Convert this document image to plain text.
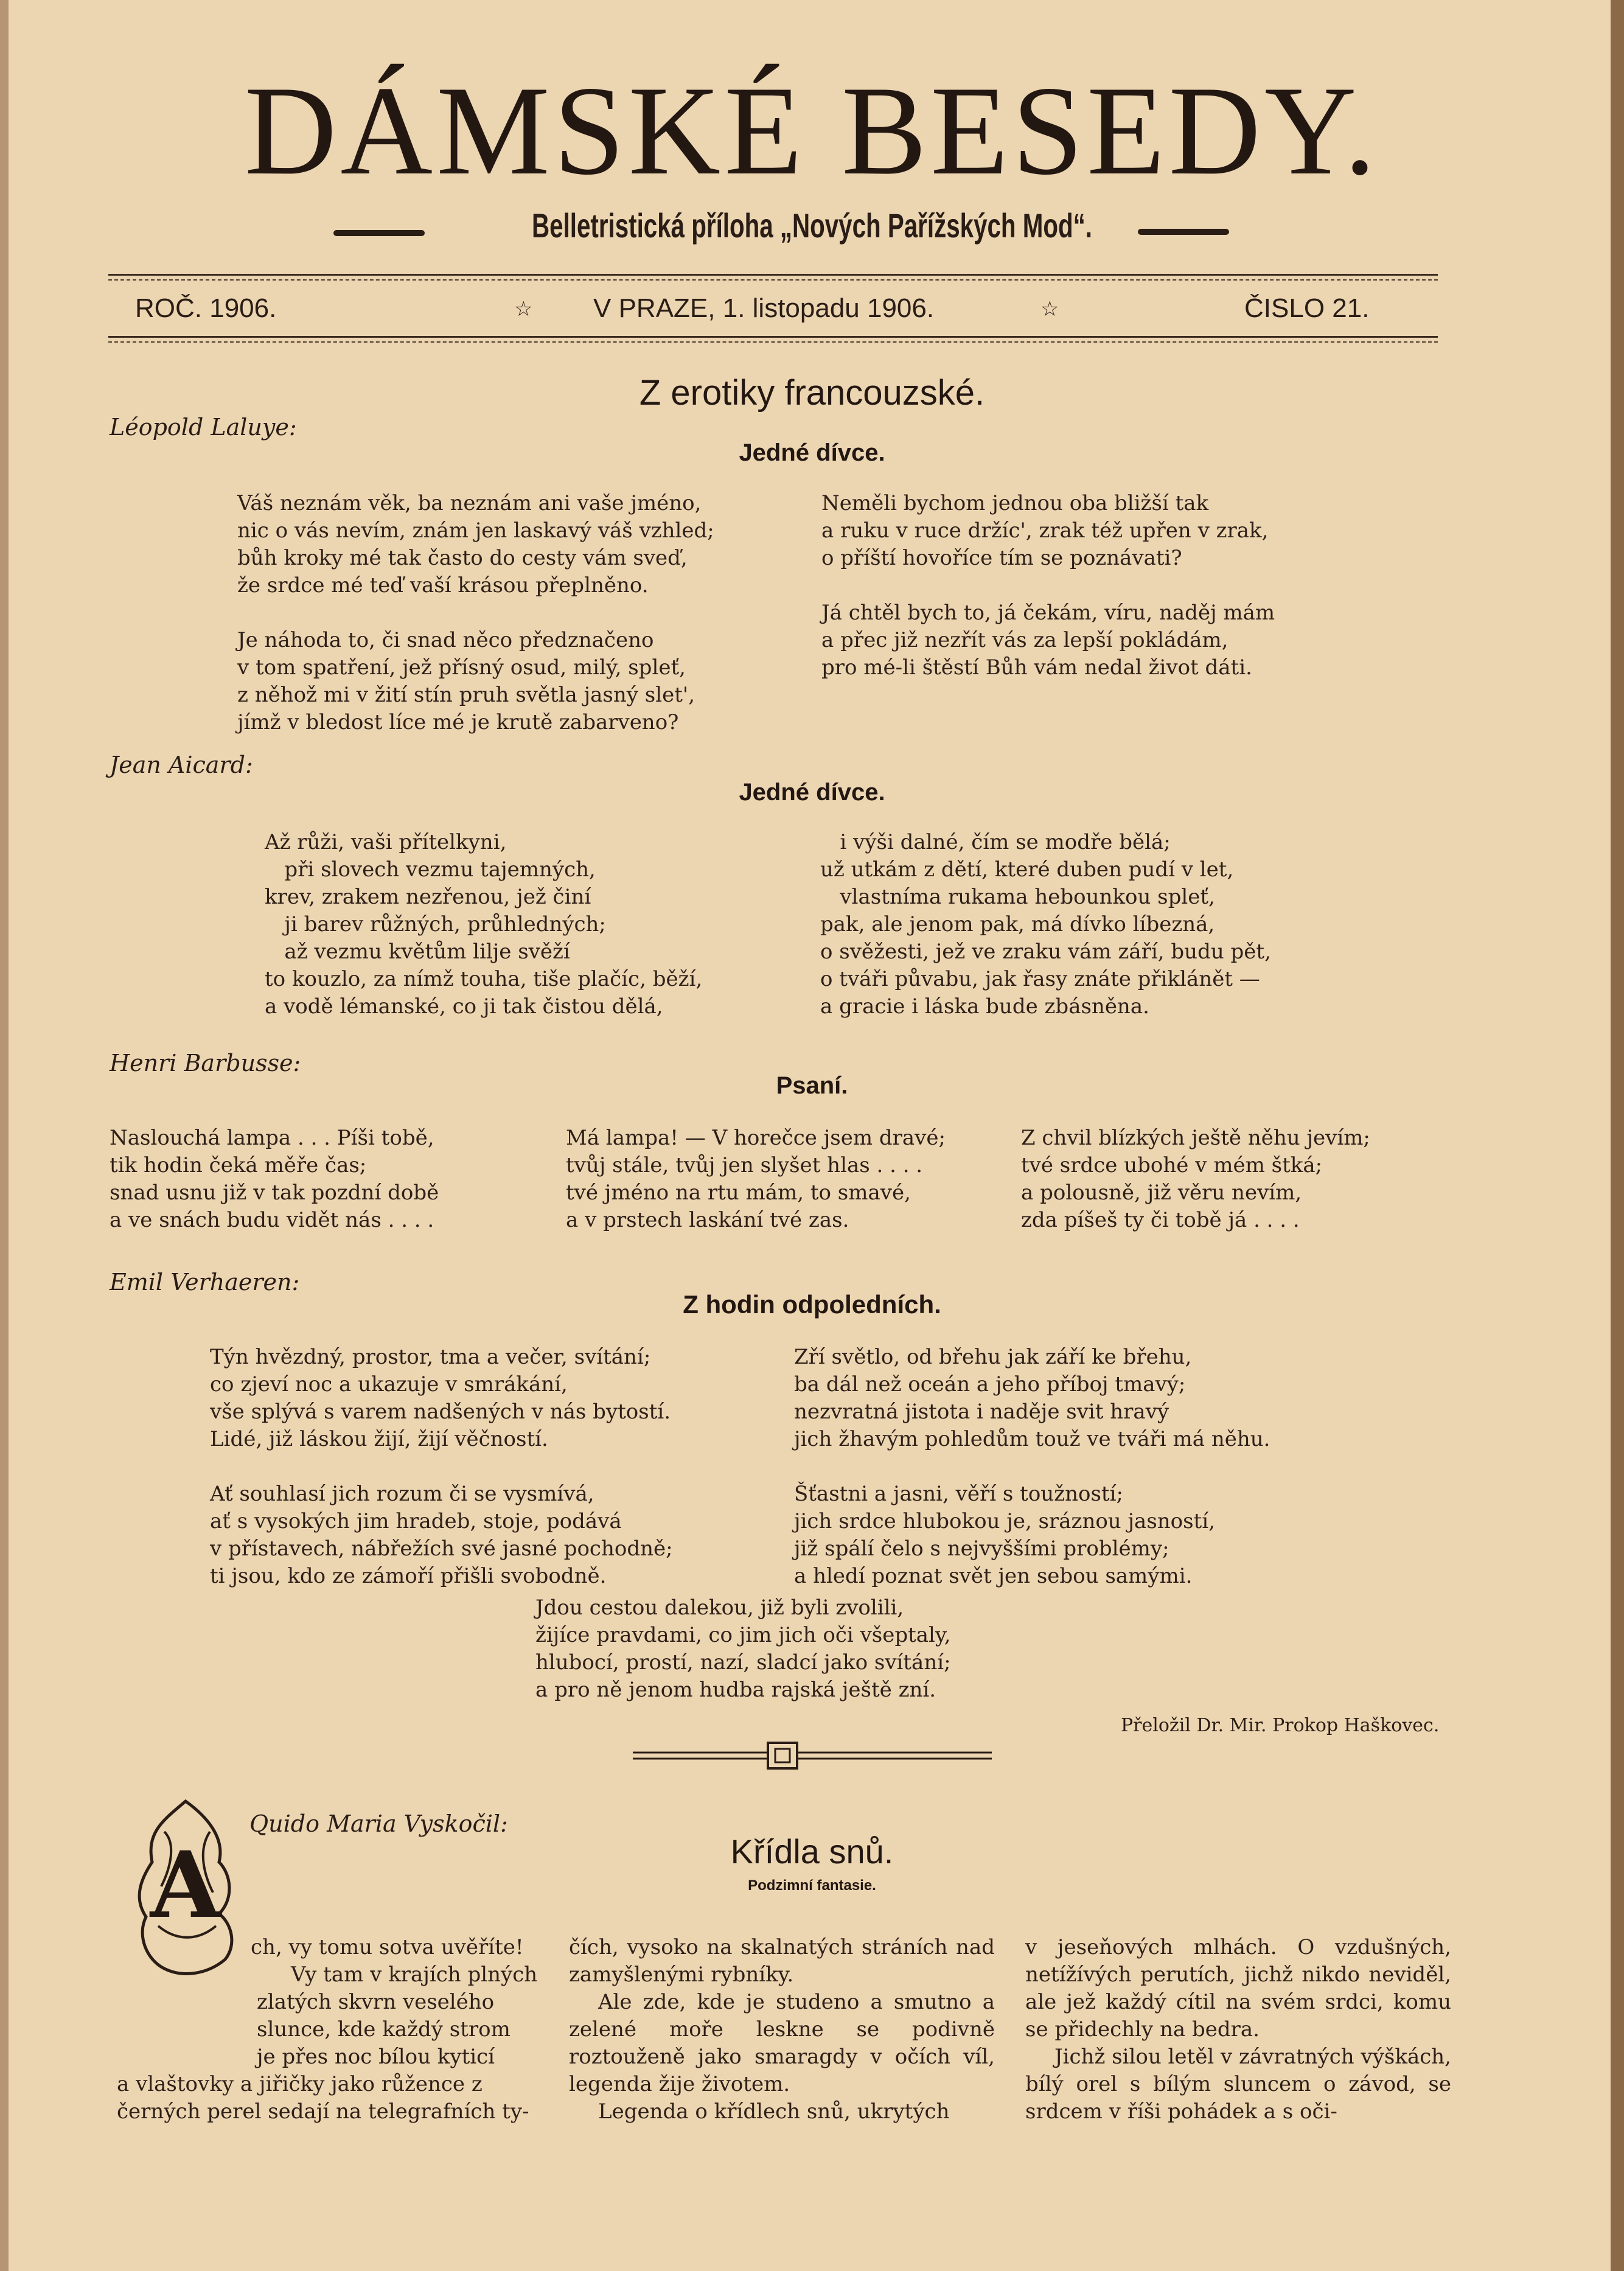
DÁMSKÉ BESEDY.
Belletristická příloha „Nových Pařížských Mod“.
ROČ. 1906.	☆ V PRAZE, 1. listopadu 1906.	☆	ČISLO 21.
Z erotiky francouzské.
Léopold Laluye:
Jedné dívce.
Váš neznám věk, ba neznám ani vaše jméno,
nic o vás nevím, znám jen laskavý váš vzhled;
bůh kroky mé tak často do cesty vám sveď,
že srdce mé teď vaší krásou přeplněno.

Je náhoda to, či snad něco předznačeno
v tom spatření, jež přísný osud, milý, spleť,
z něhož mi v žití stín pruh světla jasný slet',
jímž v bledost líce mé je krutě zabarveno?
Neměli bychom jednou oba bližší tak
a ruku v ruce držíc', zrak též upřen v zrak,
o příští hovoříce tím se poznávati?

Já chtěl bych to, já čekám, víru, naděj mám
a přec již nezřít vás za lepší pokládám,
pro mé-li štěstí Bůh vám nedal život dáti.
Jean Aicard:
Jedné dívce.
Až růži, vaši přítelkyni,
při slovech vezmu tajemných,
krev, zrakem nezřenou, jež činí
ji barev růžných, průhledných;
až vezmu květům lilje svěží
to kouzlo, za nímž touha, tiše plačíc, běží,
a vodě lémanské, co ji tak čistou dělá,
i výši dalné, čím se modře bělá;
už utkám z dětí, které duben pudí v let,
vlastníma rukama hebounkou spleť,
pak, ale jenom pak, má dívko líbezná,
o svěžesti, jež ve zraku vám září, budu pět,
o tváři půvabu, jak řasy znáte přiklánět —
a gracie i láska bude zbásněna.
Henri Barbusse:
Psaní.
Naslouchá lampa . . . Píši tobě,
tik hodin čeká měře čas;
snad usnu již v tak pozdní době
a ve snách budu vidět nás . . . .
Má lampa! — V horečce jsem dravé;
tvůj stále, tvůj jen slyšet hlas . . . .
tvé jméno na rtu mám, to smavé,
a v prstech laskání tvé zas.
Z chvil blízkých ještě něhu jevím;
tvé srdce ubohé v mém štká;
a polousně, již věru nevím,
zda píšeš ty či tobě já . . . .
Emil Verhaeren:
Z hodin odpoledních.
Týn hvězdný, prostor, tma a večer, svítání;
co zjeví noc a ukazuje v smrákání,
vše splývá s varem nadšených v nás bytostí.
Lidé, již láskou žijí, žijí věčností.

Ať souhlasí jich rozum či se vysmívá,
ať s vysokých jim hradeb, stoje, podává
v přístavech, nábřežích své jasné pochodně;
ti jsou, kdo ze zámoří přišli svobodně.
Zří světlo, od břehu jak září ke břehu,
ba dál než oceán a jeho příboj tmavý;
nezvratná jistota i naděje svit hravý
jich žhavým pohledům touž ve tváři má něhu.

Šťastni a jasni, věří s toužností;
jich srdce hlubokou je, sráznou jasností,
již spálí čelo s nejvyššími problémy;
a hledí poznat svět jen sebou samými.
Jdou cestou dalekou, již byli zvolili,
žijíce pravdami, co jim jich oči všeptaly,
hlubocí, prostí, nazí, sladcí jako svítání;
a pro ně jenom hudba rajská ještě zní.
Přeložil Dr. Mir. Prokop Haškovec.
Quido Maria Vyskočil:
Křídla snů.
Podzimní fantasie.
A

ch, vy tomu sotva uvěříte!

Vy tam v krajích plných

zlatých skvrn veselého

slunce, kde každý strom

je přes noc bílou kyticí

a vlaštovky a jiřičky jako růžence z

černých perel sedají na telegrafních ty-

čích, vysoko na skalnatých stráních nad zamyšlenými rybníky.

Ale zde, kde je studeno a smutno a zelené moře leskne se podivně roztouženě jako smaragdy v očích víl, legenda žije životem.

Legenda o křídlech snů, ukrytých

v jeseňových mlhách. O vzdušných, netížívých perutích, jichž nikdo neviděl, ale jež každý cítil na svém srdci, komu se přidechly na bedra.

Jichž silou letěl v závratných výškách, bílý orel s bílým sluncem o závod, se srdcem v říši pohádek a s oči-
